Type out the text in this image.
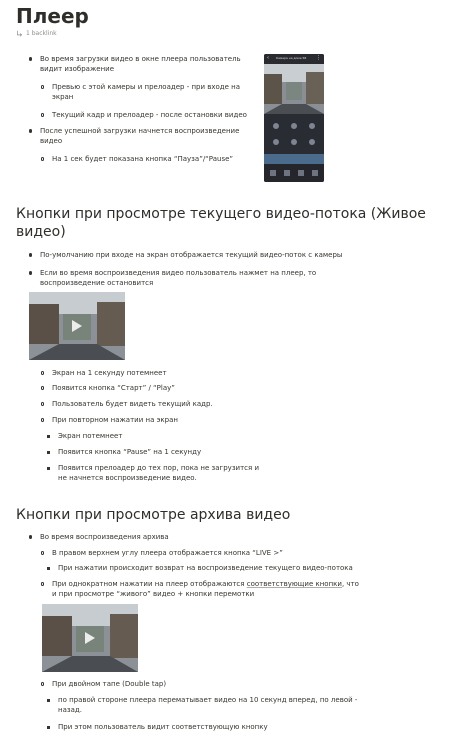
Плеер
1 backlink
Во время загрузки видео в окне плеера пользователь видит изображение
Превью с этой камеры и прелоадер - при входе на экран
Текущий кадр и прелоадер - после остановки видео
После успешной загрузки начнется воспроизведение видео
На 1 сек будет показана кнопка “Пауза”/“Pause”
‹ Камера на доме 68 ⋮
Кнопки при просмотре текущего видео-потока (Живое видео)
По-умолчанию при входе на экран отображается текущий видео-поток с камеры
Если во время воспроизведения видео пользователь нажмет на плеер, то воспроизведение остановится
Экран на 1 секунду потемнеет
Появится кнопка “Старт” / “Play”
Пользователь будет видеть текущий кадр.
При повторном нажатии на экран
Экран потемнеет
Появится кнопка “Pause” на 1 секунду
Появится прелоадер до тех пор, пока не загрузится и не начнется воспроизведение видео.
Кнопки при просмотре архива видео
Во время воспроизведения архива
В правом верхнем углу плеера отображается кнопка “LIVE >”
При нажатии происходит возврат на воспроизведение текущего видео-потока
При однократном нажатии на плеер отображаются соответствующие кнопки, что и при просмотре “живого” видео + кнопки перемотки
При двойном тапе (Double tap)
по правой стороне плеера перематывает видео на 10 секунд вперед, по левой - назад.
При этом пользователь видит соответствующую кнопку
